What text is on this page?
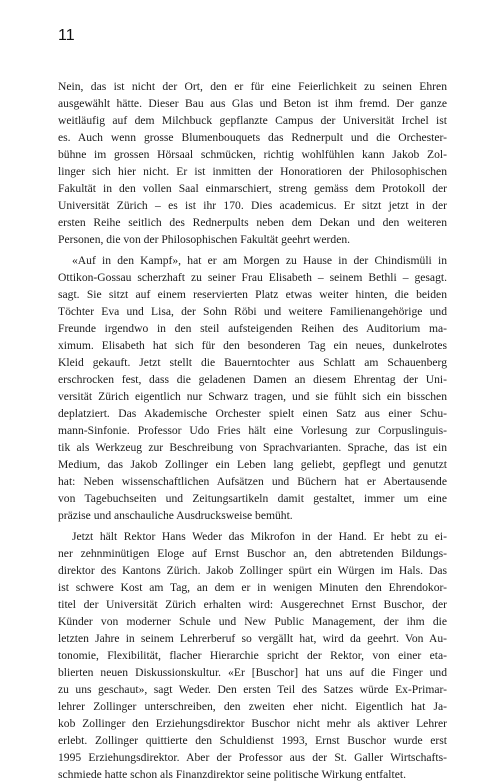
11
Nein, das ist nicht der Ort, den er für eine Feierlichkeit zu seinen Ehren
ausgewählt hätte. Dieser Bau aus Glas und Beton ist ihm fremd. Der ganze
weitläufig auf dem Milchbuck gepflanzte Campus der Universität Irchel ist
es. Auch wenn grosse Blumenbouquets das Rednerpult und die Orchester-
bühne im grossen Hörsaal schmücken, richtig wohlfühlen kann Jakob Zol-
linger sich hier nicht. Er ist inmitten der Honoratioren der Philosophischen
Fakultät in den vollen Saal einmarschiert, streng gemäss dem Protokoll der
Universität Zürich – es ist ihr 170. Dies academicus. Er sitzt jetzt in der
ersten Reihe seitlich des Rednerpults neben dem Dekan und den weiteren
Personen, die von der Philosophischen Fakultät geehrt werden.
«Auf in den Kampf», hat er am Morgen zu Hause in der Chindismüli in
Ottikon-Gossau scherzhaft zu seiner Frau Elisabeth – seinem Bethli – gesagt.
sagt. Sie sitzt auf einem reservierten Platz etwas weiter hinten, die beiden
Töchter Eva und Lisa, der Sohn Röbi und weitere Familienangehörige und
Freunde irgendwo in den steil aufsteigenden Reihen des Auditorium ma-
ximum. Elisabeth hat sich für den besonderen Tag ein neues, dunkelrotes
Kleid gekauft. Jetzt stellt die Bauerntochter aus Schlatt am Schauenberg
erschrocken fest, dass die geladenen Damen an diesem Ehrentag der Uni-
versität Zürich eigentlich nur Schwarz tragen, und sie fühlt sich ein bisschen
deplatziert. Das Akademische Orchester spielt einen Satz aus einer Schu-
mann-Sinfonie. Professor Udo Fries hält eine Vorlesung zur Corpuslinguis-
tik als Werkzeug zur Beschreibung von Sprachvarianten. Sprache, das ist ein
Medium, das Jakob Zollinger ein Leben lang geliebt, gepflegt und genutzt
hat: Neben wissenschaftlichen Aufsätzen und Büchern hat er Abertausende
von Tagebuchseiten und Zeitungsartikeln damit gestaltet, immer um eine
präzise und anschauliche Ausdrucksweise bemüht.
Jetzt hält Rektor Hans Weder das Mikrofon in der Hand. Er hebt zu ei-
ner zehnminütigen Eloge auf Ernst Buschor an, den abtretenden Bildungs-
direktor des Kantons Zürich. Jakob Zollinger spürt ein Würgen im Hals. Das
ist schwere Kost am Tag, an dem er in wenigen Minuten den Ehrendokor-
titel der Universität Zürich erhalten wird: Ausgerechnet Ernst Buschor, der
Künder von moderner Schule und New Public Management, der ihm die
letzten Jahre in seinem Lehrerberuf so vergällt hat, wird da geehrt. Von Au-
tonomie, Flexibilität, flacher Hierarchie spricht der Rektor, von einer eta-
blierten neuen Diskussionskultur. «Er [Buschor] hat uns auf die Finger und
zu uns geschaut», sagt Weder. Den ersten Teil des Satzes würde Ex-Primar-
lehrer Zollinger unterschreiben, den zweiten eher nicht. Eigentlich hat Ja-
kob Zollinger den Erziehungsdirektor Buschor nicht mehr als aktiver Lehrer
erlebt. Zollinger quittierte den Schuldienst 1993, Ernst Buschor wurde erst
1995 Erziehungsdirektor. Aber der Professor aus der St. Galler Wirtschafts-
schmiede hatte schon als Finanzdirektor seine politische Wirkung entfaltet.
